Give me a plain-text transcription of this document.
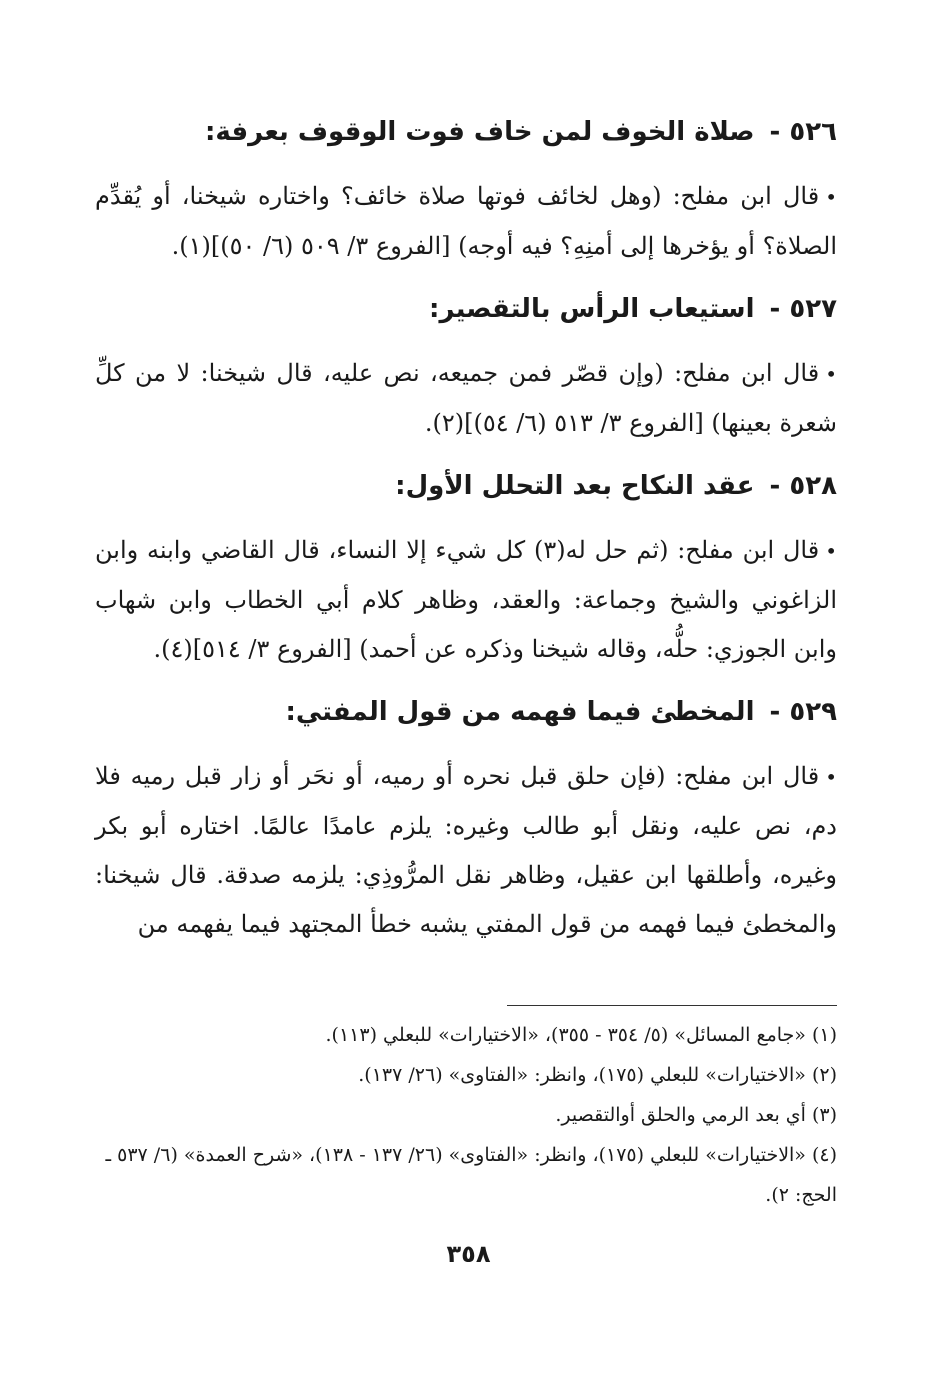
٥٢٦ - صلاة الخوف لمن خاف فوت الوقوف بعرفة:

•قال ابن مفلح: (وهل لخائف فوتها صلاة خائف؟ واختاره شيخنا، أو يُقدِّم الصلاة؟ أو يؤخرها إلى أمنِهِ؟ فيه أوجه) [الفروع ٣/ ٥٠٩ (٦/ ٥٠)](١).

٥٢٧ - استيعاب الرأس بالتقصير:

•قال ابن مفلح: (وإن قصّر فمن جميعه، نص عليه، قال شيخنا: لا من كلِّ شعرة بعينها) [الفروع ٣/ ٥١٣ (٦/ ٥٤)](٢).

٥٢٨ - عقد النكاح بعد التحلل الأول:

•قال ابن مفلح: (ثم حل له(٣) كل شيء إلا النساء، قال القاضي وابنه وابن الزاغوني والشيخ وجماعة: والعقد، وظاهر كلام أبي الخطاب وابن شهاب وابن الجوزي: حلُّه، وقاله شيخنا وذكره عن أحمد) [الفروع ٣/ ٥١٤](٤).

٥٢٩ - المخطئ فيما فهمه من قول المفتي:

•قال ابن مفلح: (فإن حلق قبل نحره أو رميه، أو نحَر أو زار قبل رميه فلا دم، نص عليه، ونقل أبو طالب وغيره: يلزم عامدًا عالمًا. اختاره أبو بكر وغيره، وأطلقها ابن عقيل، وظاهر نقل المرُّوذِي: يلزمه صدقة. قال شيخنا: والمخطئ فيما فهمه من قول المفتي يشبه خطأ المجتهد فيما يفهمه من

(١)«جامع المسائل» (٥/ ٣٥٤ - ٣٥٥)، «الاختيارات» للبعلي (١١٣).

(٢)«الاختيارات» للبعلي (١٧٥)، وانظر: «الفتاوى» (٢٦/ ١٣٧).

(٣)أي بعد الرمي والحلق أوالتقصير.

(٤)«الاختيارات» للبعلي (١٧٥)، وانظر: «الفتاوى» (٢٦/ ١٣٧ - ١٣٨)، «شرح العمدة» (٦/ ٥٣٧ ـ الحج: ٢).

٣٥٨
